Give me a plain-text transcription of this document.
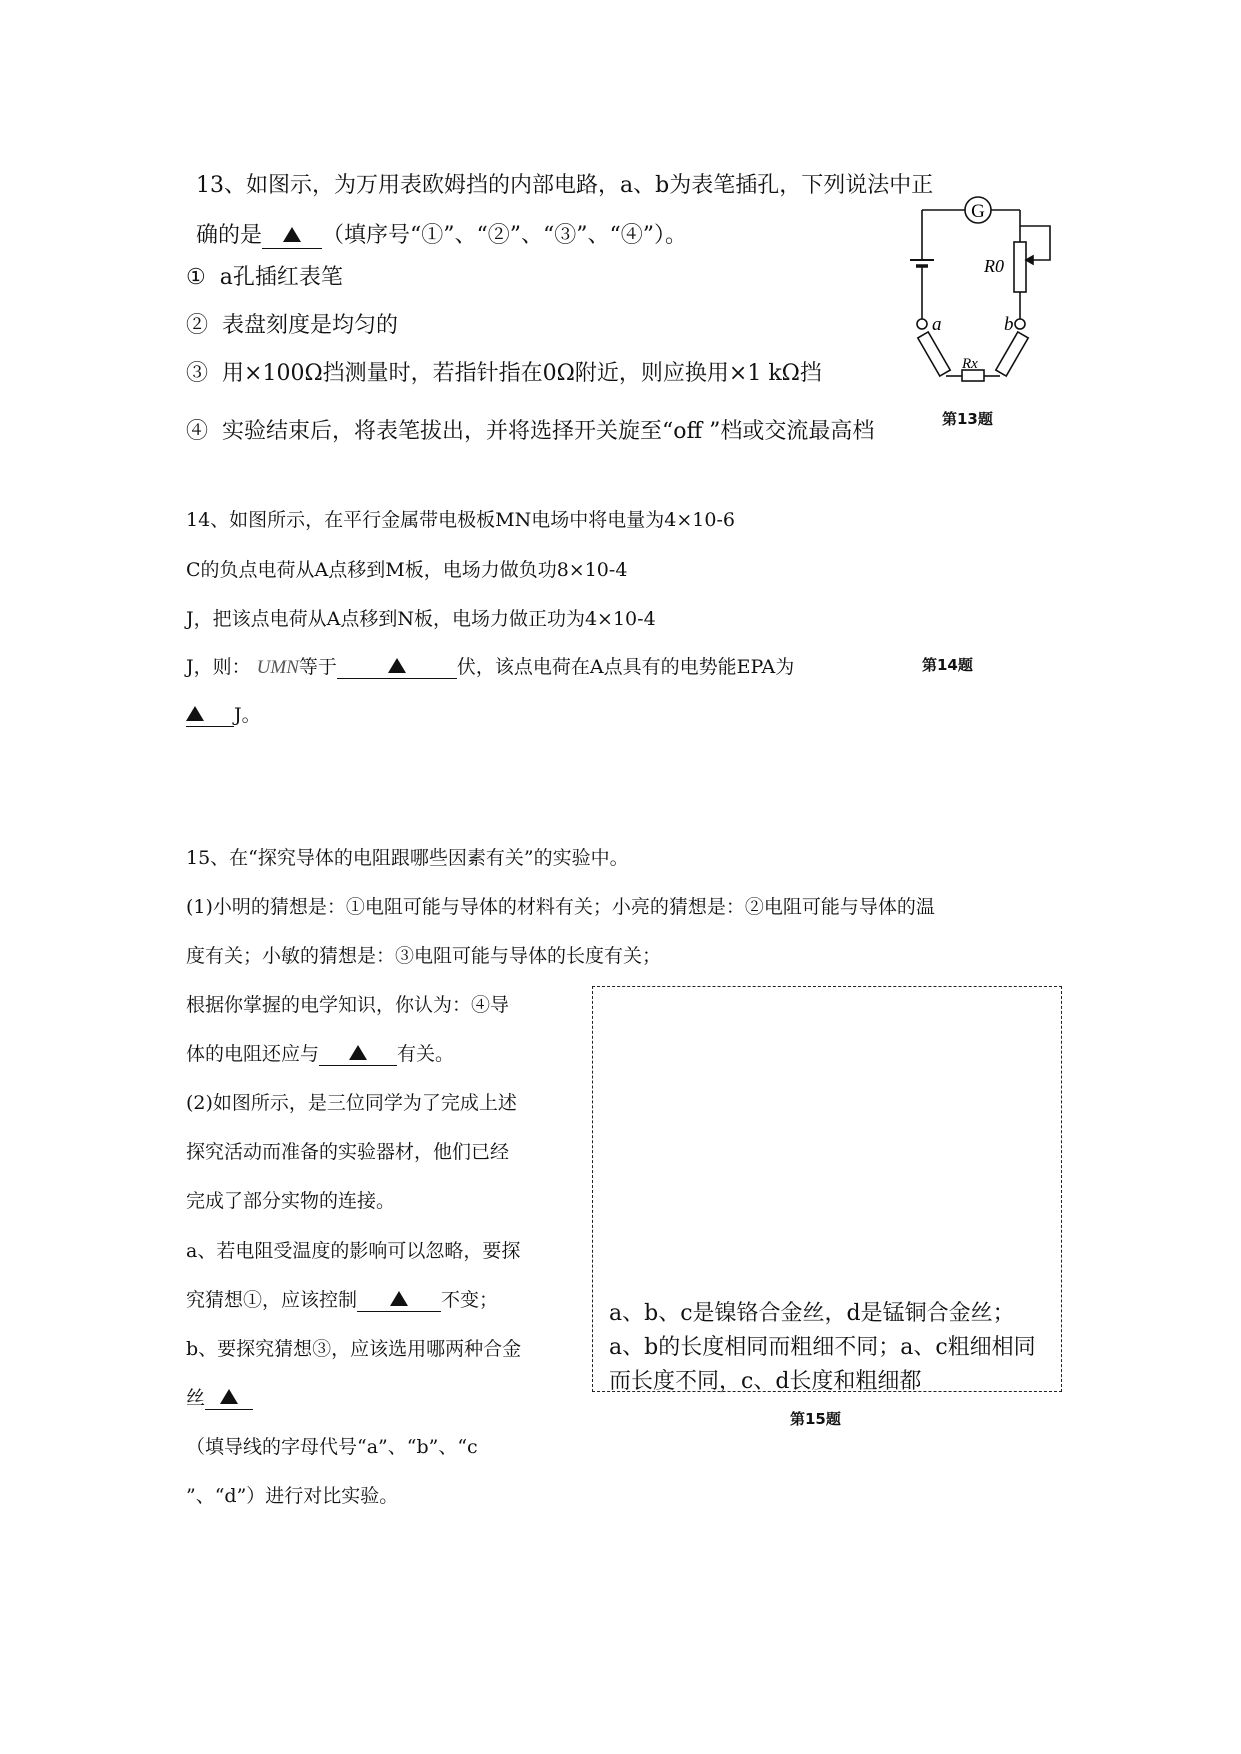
13、如图示，为万用表欧姆挡的内部电路，a、b为表笔插孔，下列说法中正
确的是	（填序号“①”、“②”、“③”、“④”）。
① a孔插红表笔
② 表盘刻度是均匀的
③ 用×100Ω挡测量时，若指针指在0Ω附近，则应换用×1 kΩ挡
④ 实验结束后，将表笔拔出，并将选择开关旋至“off ”档或交流最高档
G
R0
a	b
Rx
第13题
14、如图所示，在平行金属带电极板MN电场中将电量为4×10-6
C的负点电荷从A点移到M板，电场力做负功8×10-4
J，把该点电荷从A点移到N板，电场力做正功为4×10-4
J，则： UMN等于	伏，该点电荷在A点具有的电势能EPA为	第14题
J。
15、在“探究导体的电阻跟哪些因素有关”的实验中。
(1)小明的猜想是：①电阻可能与导体的材料有关；小亮的猜想是：②电阻可能与导体的温
度有关；小敏的猜想是：③电阻可能与导体的长度有关；
根据你掌握的电学知识，你认为：④导
体的电阻还应与	有关。
(2)如图所示，是三位同学为了完成上述
探究活动而准备的实验器材，他们已经
完成了部分实物的连接。
a、若电阻受温度的影响可以忽略，要探
究猜想①，应该控制	不变；
b、要探究猜想③，应该选用哪两种合金
丝
（填导线的字母代号“a”、“b”、“c
”、“d”）进行对比实验。
a、b、c是镍铬合金丝，d是锰铜合金丝；a、b的长度相同而粗细不同；a、c粗细相同而长度不同，c、d长度和粗细都
第15题
